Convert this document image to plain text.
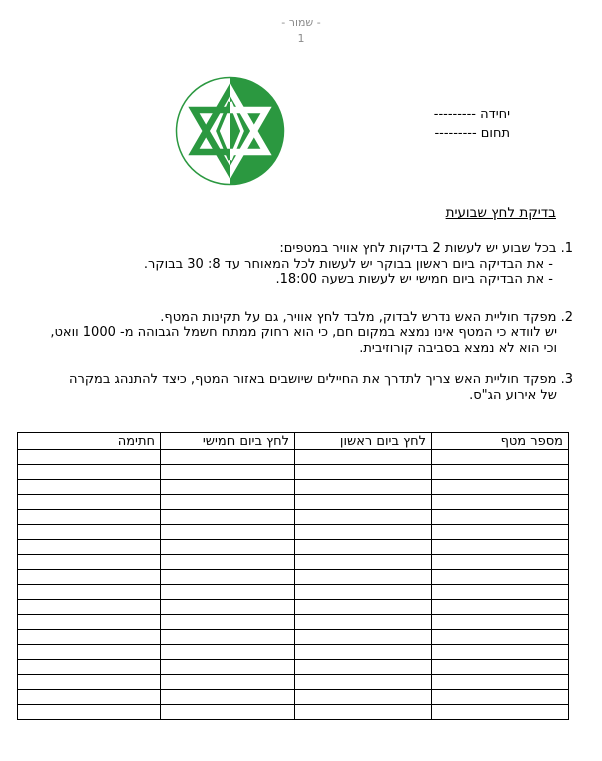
- שמור -
1
יחידה ---------
תחום ---------
בדיקת לחץ שבועית
1. בכל שבוע יש לעשות 2 בדיקות לחץ אוויר במטפים:
- את הבדיקה ביום ראשון בבוקר יש לעשות לכל המאוחר עד 8: 30 בבוקר.
- את הבדיקה ביום חמישי יש לעשות בשעה 18:00.
2. מפקד חוליית האש נדרש לבדוק, מלבד לחץ אוויר, גם על תקינות המטף.
יש לוודא כי המטף אינו נמצא במקום חם, כי הוא רחוק ממתח חשמל הגבוהה מ- 1000 וואט,
וכי הוא לא נמצא בסביבה קורוזיבית.
3. מפקד חוליית האש צריך לתדרך את החיילים שיושבים באזור המטף, כיצד להתנהג במקרה
של אירוע הג"ס.
מספר מטף	לחץ ביום ראשון	לחץ ביום חמישי	חתימה
